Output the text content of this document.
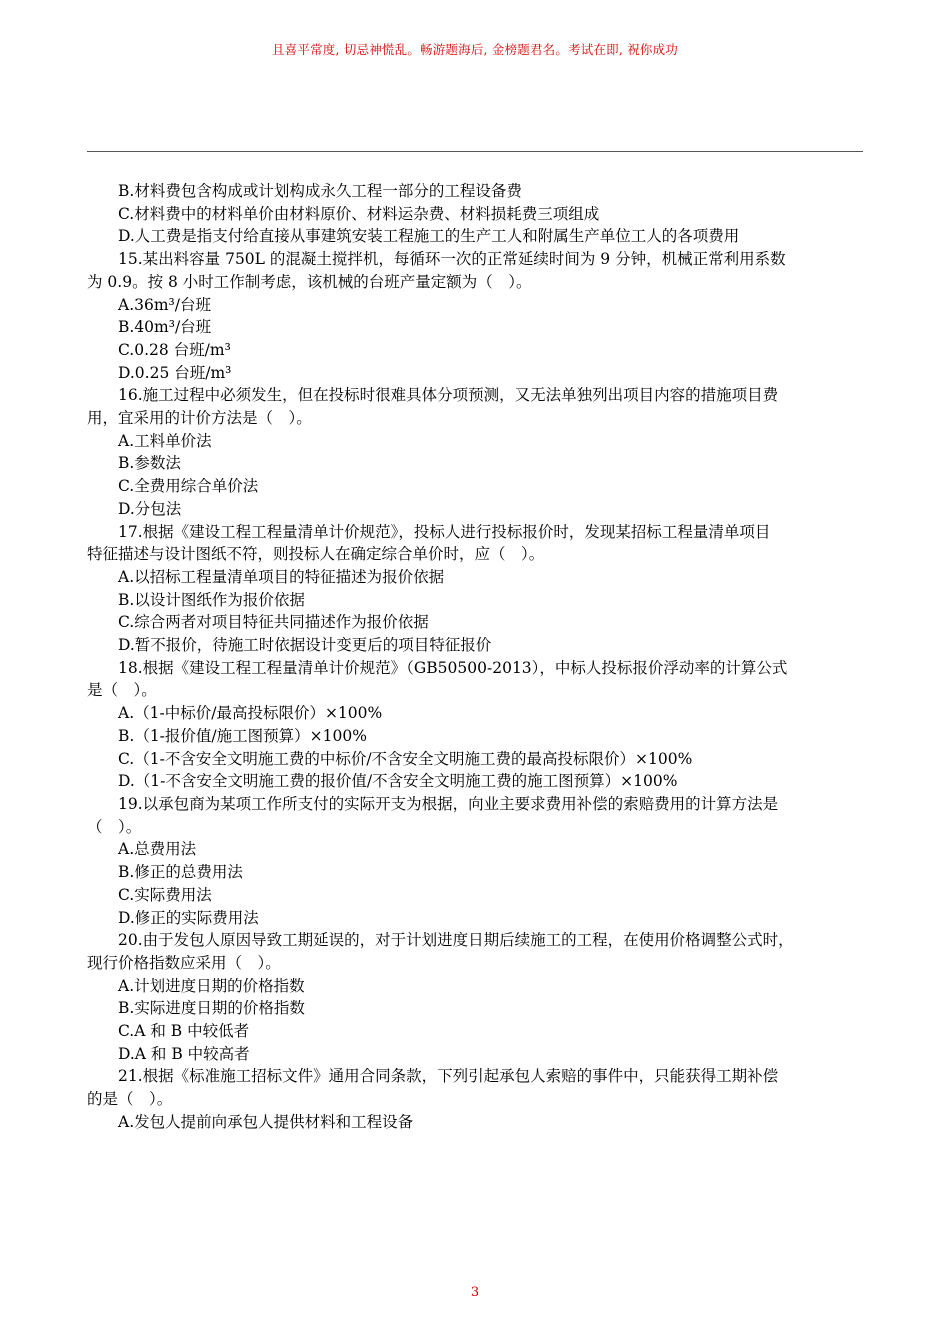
且喜平常度, 切忌神慌乱。畅游题海后, 金榜题君名。考试在即, 祝你成功

B.材料费包含构成或计划构成永久工程一部分的工程设备费

C.材料费中的材料单价由材料原价、材料运杂费、材料损耗费三项组成

D.人工费是指支付给直接从事建筑安装工程施工的生产工人和附属生产单位工人的各项费用

15.某出料容量 750L 的混凝土搅拌机，每循环一次的正常延续时间为 9 分钟，机械正常利用系数

为 0.9。按 8 小时工作制考虑，该机械的台班产量定额为（　）。

A.36m³/台班

B.40m³/台班

C.0.28 台班/m³

D.0.25 台班/m³

16.施工过程中必须发生，但在投标时很难具体分项预测，又无法单独列出项目内容的措施项目费

用，宜采用的计价方法是（　）。

A.工料单价法

B.参数法

C.全费用综合单价法

D.分包法

17.根据《建设工程工程量清单计价规范》，投标人进行投标报价时，发现某招标工程量清单项目

特征描述与设计图纸不符，则投标人在确定综合单价时，应（　）。

A.以招标工程量清单项目的特征描述为报价依据

B.以设计图纸作为报价依据

C.综合两者对项目特征共同描述作为报价依据

D.暂不报价，待施工时依据设计变更后的项目特征报价

18.根据《建设工程工程量清单计价规范》（GB50500-2013），中标人投标报价浮动率的计算公式

是（　）。

A.（1-中标价/最高投标限价）×100%

B.（1-报价值/施工图预算）×100%

C.（1-不含安全文明施工费的中标价/不含安全文明施工费的最高投标限价）×100%

D.（1-不含安全文明施工费的报价值/不含安全文明施工费的施工图预算）×100%

19.以承包商为某项工作所支付的实际开支为根据，向业主要求费用补偿的索赔费用的计算方法是

（　）。

A.总费用法

B.修正的总费用法

C.实际费用法

D.修正的实际费用法

20.由于发包人原因导致工期延误的，对于计划进度日期后续施工的工程，在使用价格调整公式时，

现行价格指数应采用（　）。

A.计划进度日期的价格指数

B.实际进度日期的价格指数

C.A 和 B 中较低者

D.A 和 B 中较高者

21.根据《标准施工招标文件》通用合同条款，下列引起承包人索赔的事件中，只能获得工期补偿

的是（　）。

A.发包人提前向承包人提供材料和工程设备

3
